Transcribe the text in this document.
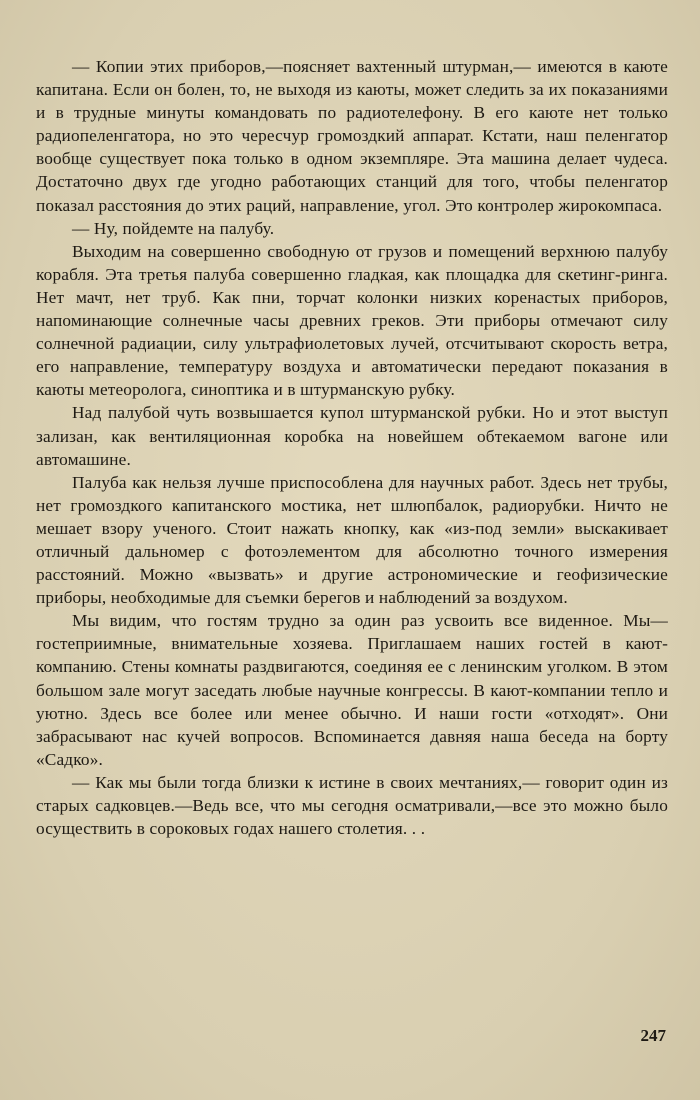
— Копии этих приборов,—поясняет вахтенный штурман,— имеются в каюте капитана. Если он болен, то, не выходя из каюты, может следить за их показаниями и в трудные минуты командовать по радиотелефону. В его каюте нет только радиопеленгатора, но это чересчур громоздкий аппарат. Кстати, наш пеленгатор вообще существует пока только в одном экземпляре. Эта машина делает чудеса. Достаточно двух где угодно работающих станций для того, чтобы пеленгатор показал расстояния до этих раций, направление, угол. Это контролер жирокомпаса.

— Ну, пойдемте на палубу.

Выходим на совершенно свободную от грузов и помещений верхнюю палубу корабля. Эта третья палуба совершенно гладкая, как площадка для скетинг-ринга. Нет мачт, нет труб. Как пни, торчат колонки низких коренастых приборов, напоминающие солнечные часы древних греков. Эти приборы отмечают силу солнечной радиации, силу ультрафиолетовых лучей, отсчитывают скорость ветра, его направление, температуру воздуха и автоматически передают показания в каюты метеоролога, синоптика и в штурманскую рубку.

Над палубой чуть возвышается купол штурманской рубки. Но и этот выступ зализан, как вентиляционная коробка на новейшем обтекаемом вагоне или автомашине.

Палуба как нельзя лучше приспособлена для научных работ. Здесь нет трубы, нет громоздкого капитанского мостика, нет шлюпбалок, радиорубки. Ничто не мешает взору ученого. Стоит нажать кнопку, как «из-под земли» выскакивает отличный дальномер с фотоэлементом для абсолютно точного измерения расстояний. Можно «вызвать» и другие астрономические и геофизические приборы, необходимые для съемки берегов и наблюдений за воздухом.

Мы видим, что гостям трудно за один раз усвоить все виденное. Мы—гостеприимные, внимательные хозяева. Приглашаем наших гостей в кают-компанию. Стены комнаты раздвигаются, соединяя ее с ленинским уголком. В этом большом зале могут заседать любые научные конгрессы. В кают-компании тепло и уютно. Здесь все более или менее обычно. И наши гости «отходят». Они забрасывают нас кучей вопросов. Вспоминается давняя наша беседа на борту «Садко».

— Как мы были тогда близки к истине в своих мечтаниях,— говорит один из старых садковцев.—Ведь все, что мы сегодня осматривали,—все это можно было осуществить в сороковых годах нашего столетия. . .

247
